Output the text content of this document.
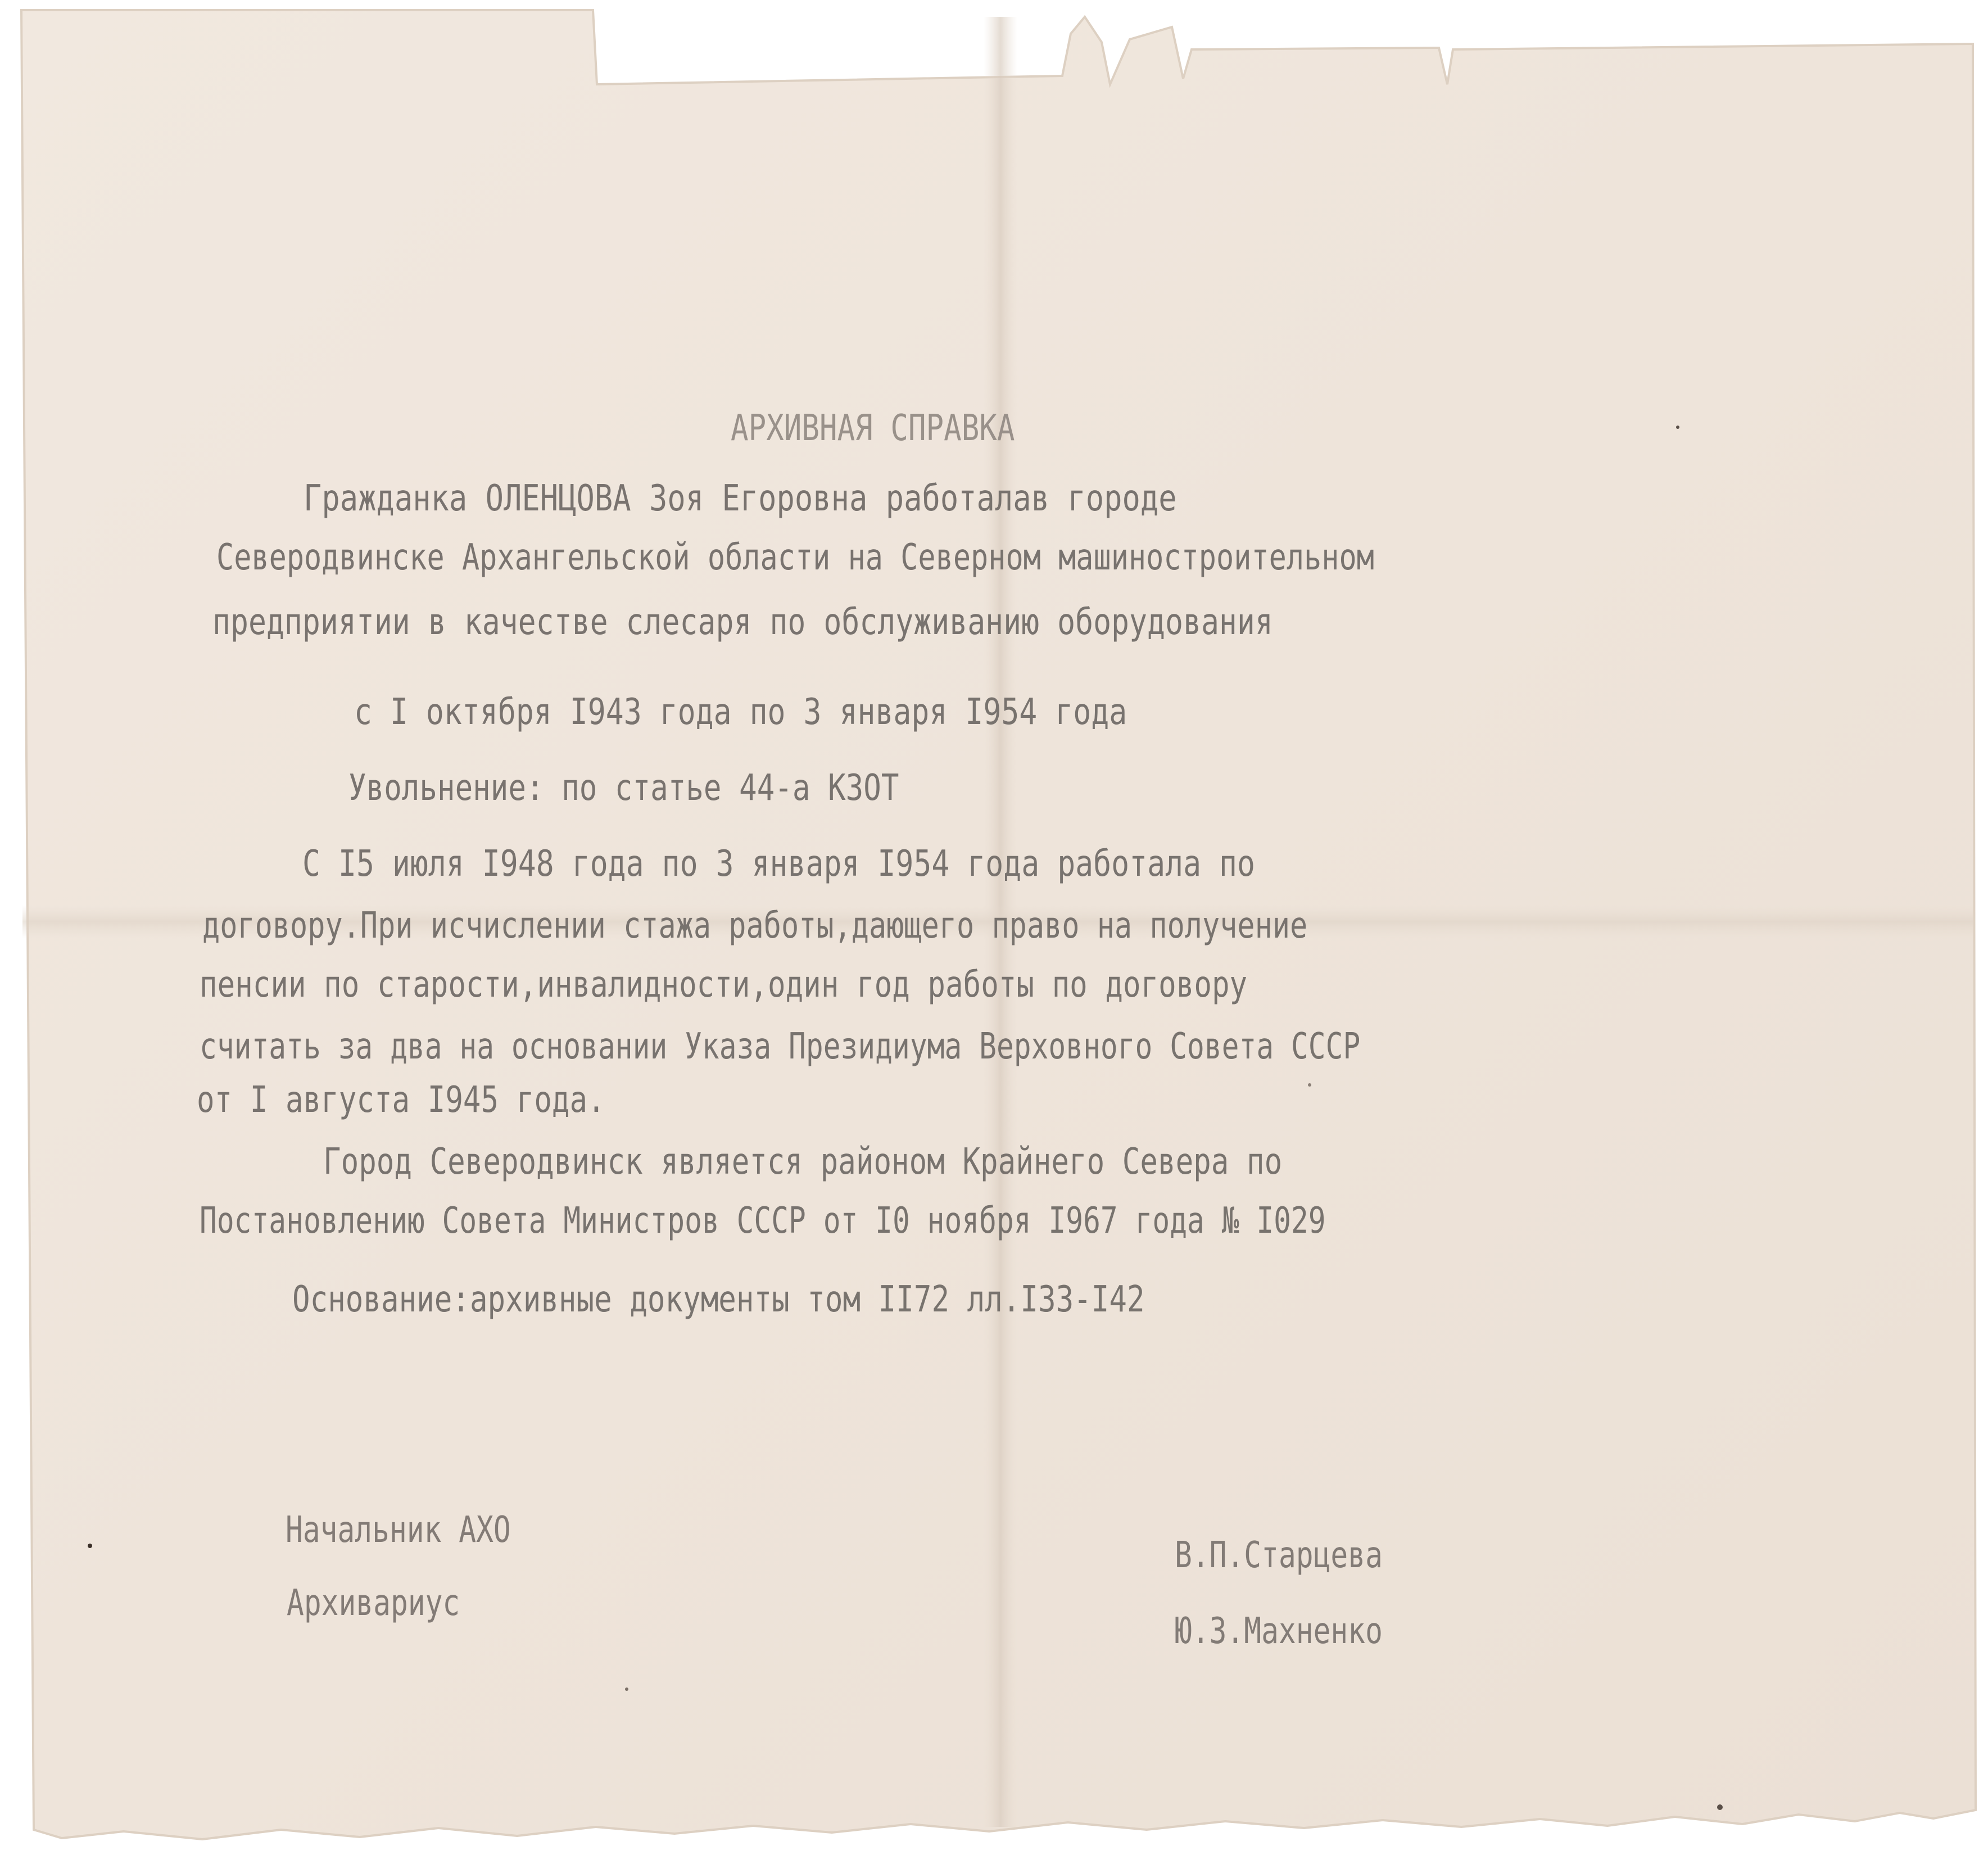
АРХИВНАЯ СПРАВКА
Гражданка ОЛЕНЦОВА Зоя Егоровна работалав городе
Северодвинске Архангельской области на Северном машиностроительном
предприятии в качестве слесаря по обслуживанию оборудования
с I октября I943 года по 3 января I954 года
Увольнение: по статье 44-а КЗОТ
С I5 июля I948 года по 3 января I954 года работала по
договору.При исчислении стажа работы,дающего право на получение
пенсии по старости,инвалидности,один год работы по договору
считать за два на основании Указа Президиума Верховного Совета СССР
от I августа I945 года.
Город Северодвинск является районом Крайнего Севера по
Постановлению Совета Министров СССР от I0 ноября I967 года № I029
Основание:архивные документы том II72 лл.I33-I42
Начальник АХО
В.П.Старцева
Архивариус
Ю.З.Махненко
